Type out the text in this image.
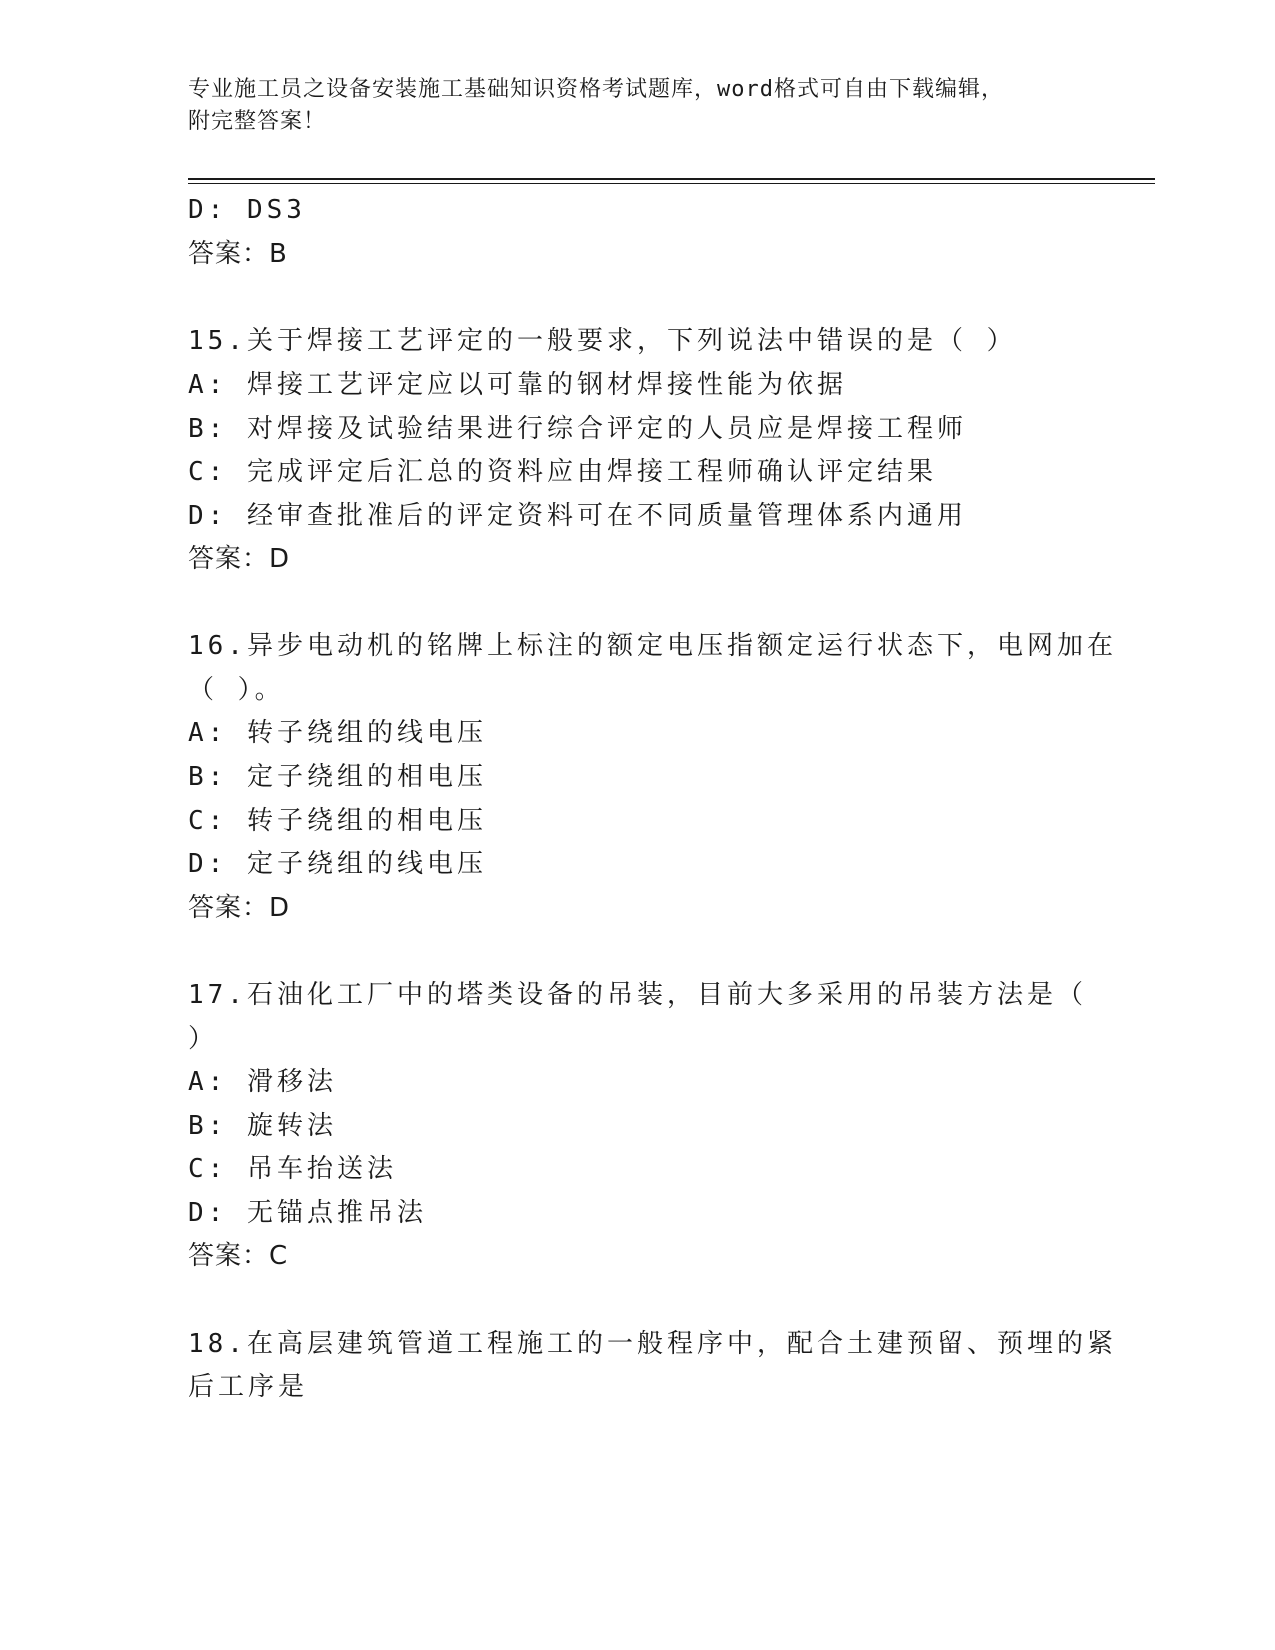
专业施工员之设备安装施工基础知识资格考试题库，word格式可自由下载编辑，
附完整答案！
D: DS3
答案：B
15.关于焊接工艺评定的一般要求，下列说法中错误的是（ ）
A: 焊接工艺评定应以可靠的钢材焊接性能为依据
B: 对焊接及试验结果进行综合评定的人员应是焊接工程师
C: 完成评定后汇总的资料应由焊接工程师确认评定结果
D: 经审查批准后的评定资料可在不同质量管理体系内通用
答案：D
16.异步电动机的铭牌上标注的额定电压指额定运行状态下，电网加在
（ ）。
A: 转子绕组的线电压
B: 定子绕组的相电压
C: 转子绕组的相电压
D: 定子绕组的线电压
答案：D
17.石油化工厂中的塔类设备的吊装，目前大多采用的吊装方法是（
）
A: 滑移法
B: 旋转法
C: 吊车抬送法
D: 无锚点推吊法
答案：C
18.在高层建筑管道工程施工的一般程序中，配合土建预留、预埋的紧
后工序是
